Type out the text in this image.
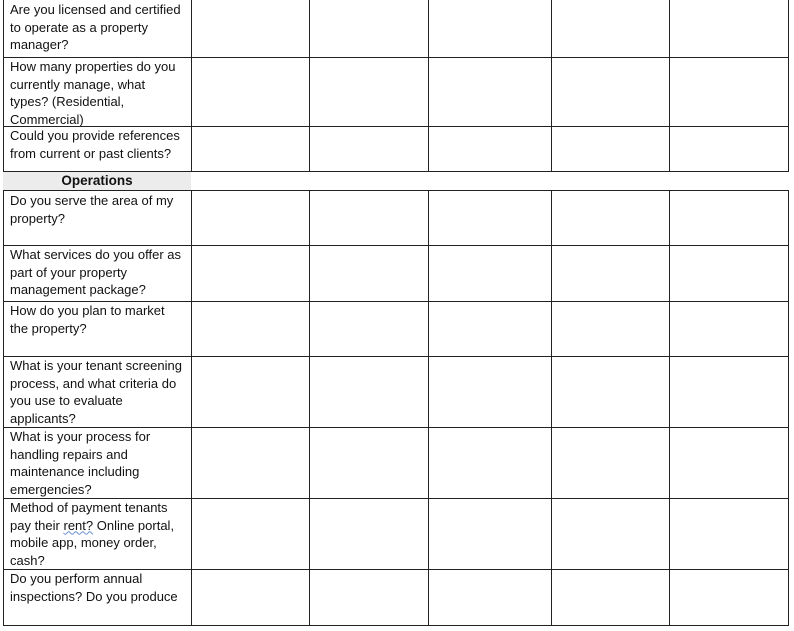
Are you licensed and certified to operate as a property manager?
How many properties do you currently manage, what types? (Residential, Commercial)
Could you provide references from current or past clients?
Do you serve the area of my property?
What services do you offer as part of your property management package?
How do you plan to market the property?
What is your tenant screening process, and what criteria do you use to evaluate applicants?
What is your process for handling repairs and maintenance including emergencies?
Method of payment tenants pay their rent? Online portal, mobile app, money order, cash?
Do you perform annual inspections? Do you produce
Operations
